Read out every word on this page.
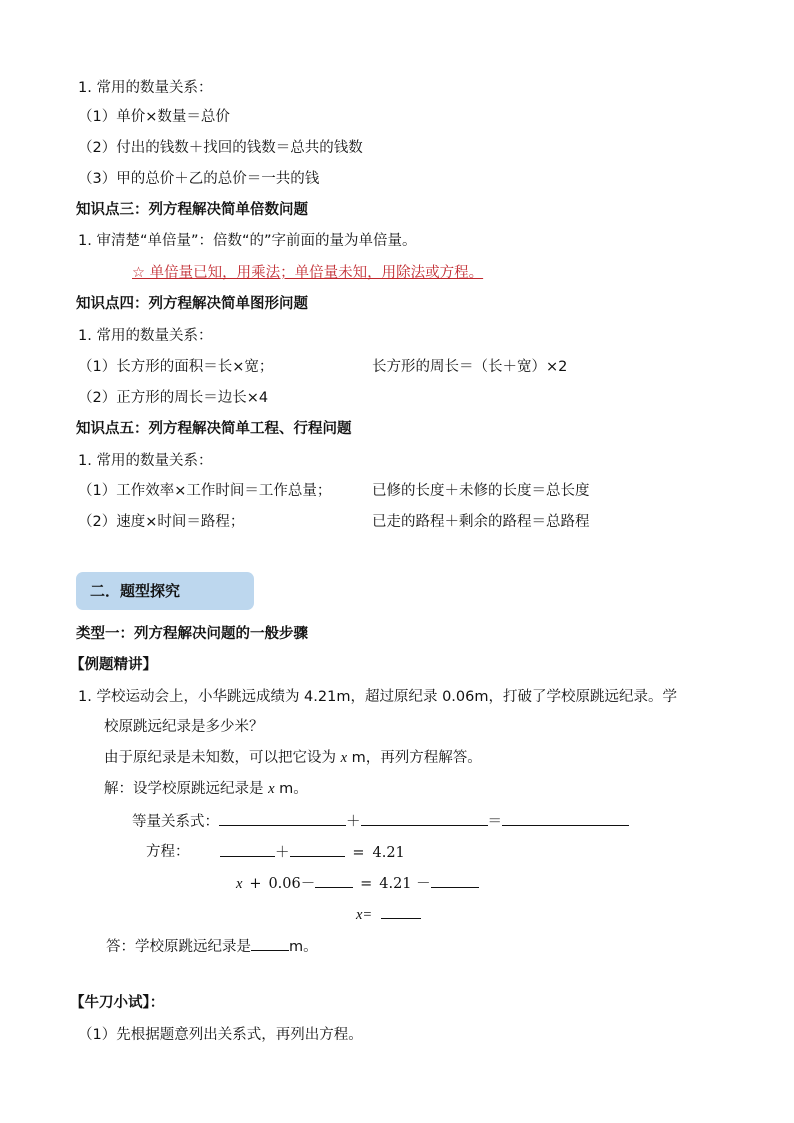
1. 常用的数量关系：
（1）单价×数量＝总价
（2）付出的钱数＋找回的钱数＝总共的钱数
（3）甲的总价＋乙的总价＝一共的钱
知识点三：列方程解决简单倍数问题
1. 审清楚“单倍量”：倍数“的”字前面的量为单倍量。
☆ 单倍量已知，用乘法；单倍量未知，用除法或方程。
知识点四：列方程解决简单图形问题
1. 常用的数量关系：
（1）长方形的面积＝长×宽；	长方形的周长＝（长＋宽）×2
（2）正方形的周长＝边长×4
知识点五：列方程解决简单工程、行程问题
1. 常用的数量关系：
（1）工作效率×工作时间＝工作总量；	已修的长度＋未修的长度＝总长度
（2）速度×时间＝路程；	已走的路程＋剩余的路程＝总路程
二．题型探究
类型一：列方程解决问题的一般步骤
【例题精讲】
1. 学校运动会上，小华跳远成绩为 4.21m，超过原纪录 0.06m，打破了学校原跳远纪录。学
校原跳远纪录是多少米？
由于原纪录是未知数，可以把它设为 x m，再列方程解答。
解：设学校原跳远纪录是 x m。
等量关系式：	＋	＝
方程：	＋	= 4.21
x + 0.06－	= 4.21 －
x=
答：学校原跳远纪录是	m。
【牛刀小试】：
（1）先根据题意列出关系式，再列出方程。
